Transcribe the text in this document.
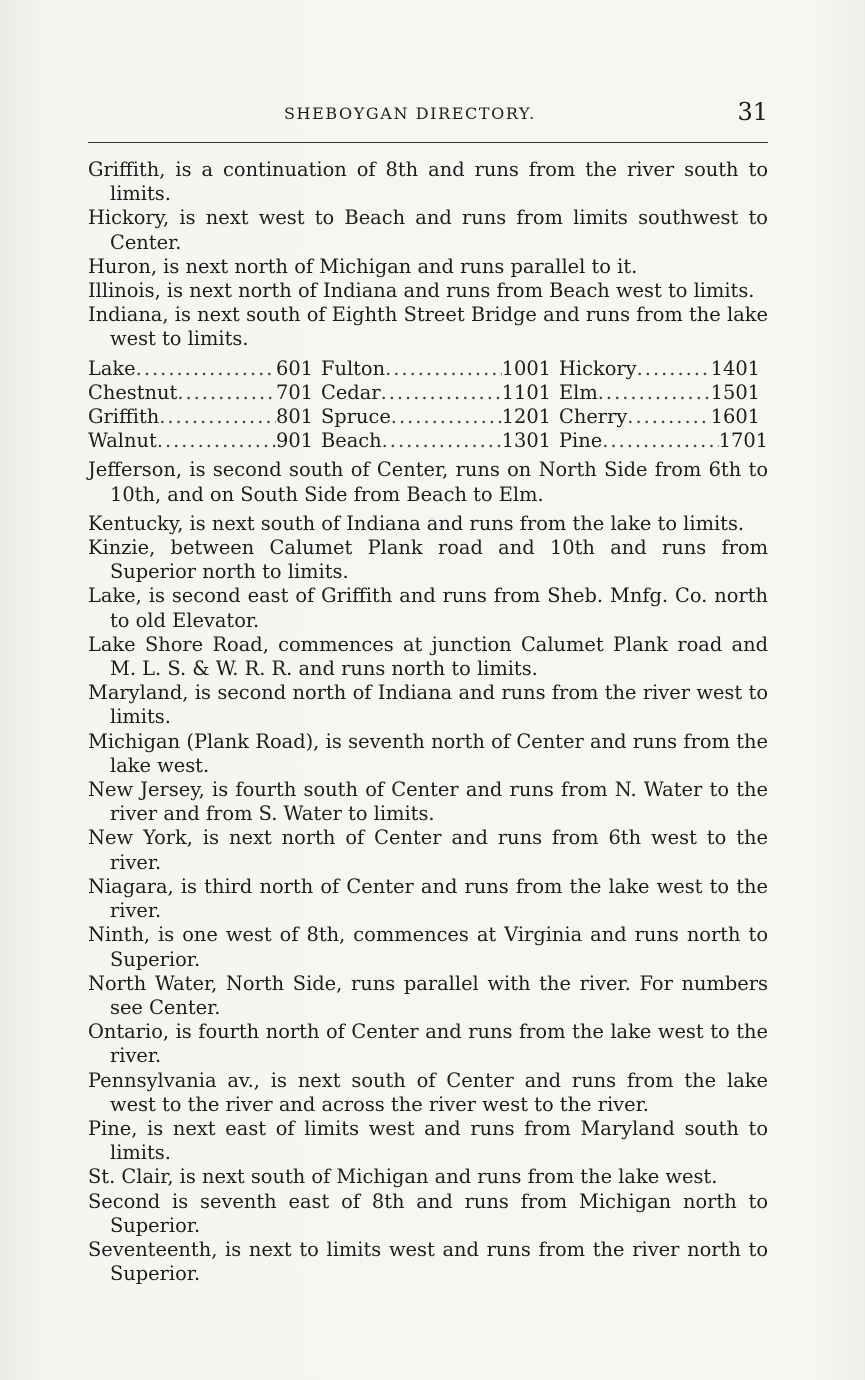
SHEBOYGAN DIRECTORY.	31

Griffith, is a continuation of 8th and runs from the river south to limits.

Hickory, is next west to Beach and runs from limits southwest to Center.

Huron, is next north of Michigan and runs parallel to it.

Illinois, is next north of Indiana and runs from Beach west to limits.

Indiana, is next south of Eighth Street Bridge and runs from the lake west to limits.

Lake .....	601 Fulton .....	1001 Hickory .....	1401
Chestnut .....	701 Cedar .....	1101 Elm .....	1501
Griffith .....	801 Spruce .....	1201 Cherry .....	1601
Walnut .....	901 Beach .....	1301 Pine .....	1701

Jefferson, is second south of Center, runs on North Side from 6th to 10th, and on South Side from Beach to Elm.

Kentucky, is next south of Indiana and runs from the lake to limits.

Kinzie, between Calumet Plank road and 10th and runs from Superior north to limits.

Lake, is second east of Griffith and runs from Sheb. Mnfg. Co. north to old Elevator.

Lake Shore Road, commences at junction Calumet Plank road and M. L. S. & W. R. R. and runs north to limits.

Maryland, is second north of Indiana and runs from the river west to limits.

Michigan (Plank Road), is seventh north of Center and runs from the lake west.

New Jersey, is fourth south of Center and runs from N. Water to the river and from S. Water to limits.

New York, is next north of Center and runs from 6th west to the river.

Niagara, is third north of Center and runs from the lake west to the river.

Ninth, is one west of 8th, commences at Virginia and runs north to Superior.

North Water, North Side, runs parallel with the river. For numbers see Center.

Ontario, is fourth north of Center and runs from the lake west to the river.

Pennsylvania av., is next south of Center and runs from the lake west to the river and across the river west to the river.

Pine, is next east of limits west and runs from Maryland south to limits.

St. Clair, is next south of Michigan and runs from the lake west.

Second is seventh east of 8th and runs from Michigan north to Superior.

Seventeenth, is next to limits west and runs from the river north to Superior.
